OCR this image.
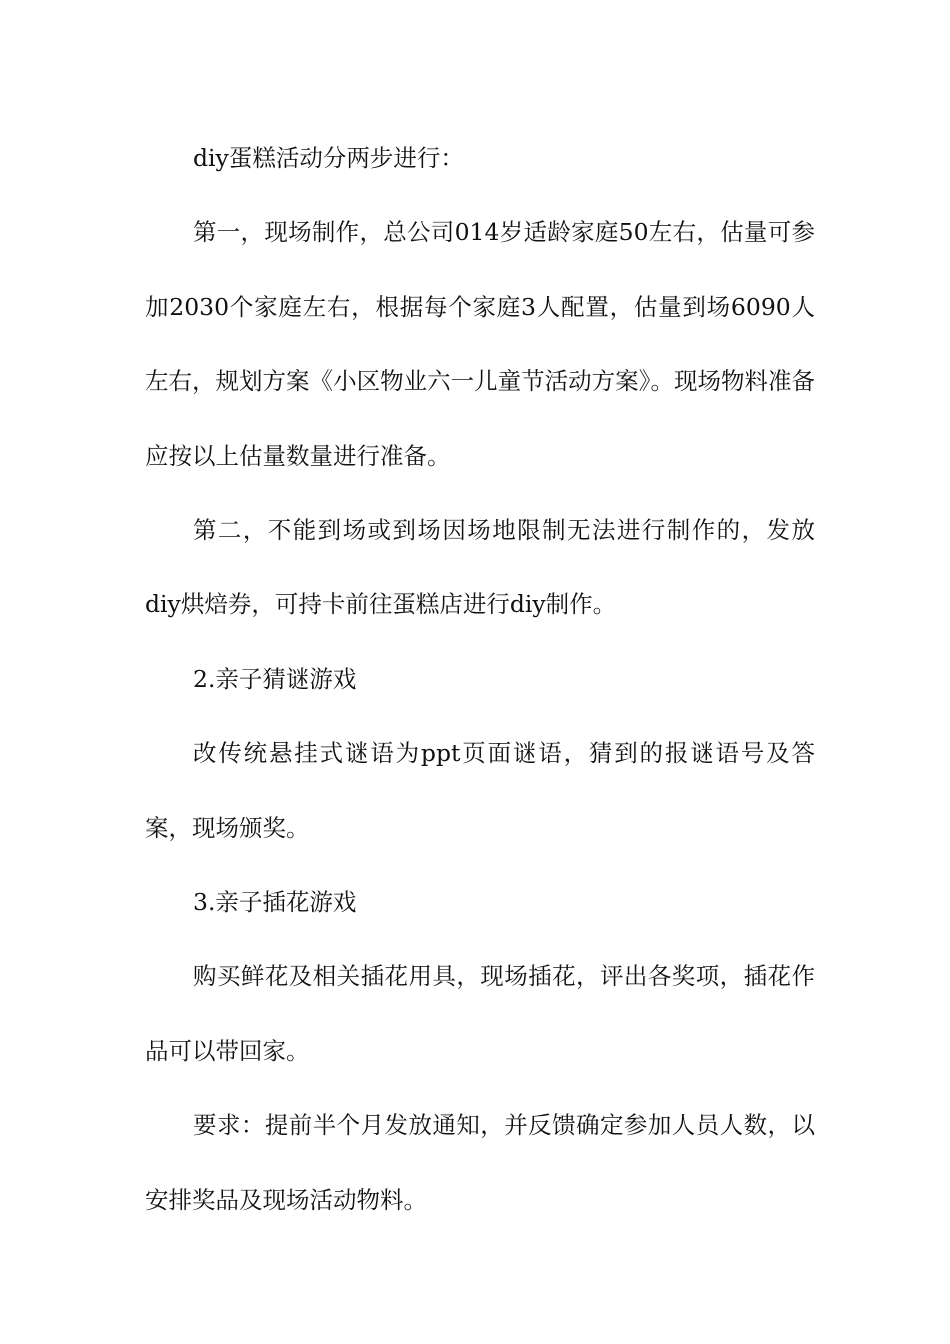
diy蛋糕活动分两步进行：

第一，现场制作，总公司014岁适龄家庭50左右，估量可参加2030个家庭左右，根据每个家庭3人配置，估量到场6090人左右，规划方案《小区物业六一儿童节活动方案》。现场物料准备应按以上估量数量进行准备。

第二，不能到场或到场因场地限制无法进行制作的，发放diy烘焙券，可持卡前往蛋糕店进行diy制作。

2.亲子猜谜游戏

改传统悬挂式谜语为ppt页面谜语，猜到的报谜语号及答案，现场颁奖。

3.亲子插花游戏

购买鲜花及相关插花用具，现场插花，评出各奖项，插花作品可以带回家。

要求：提前半个月发放通知，并反馈确定参加人员人数，以安排奖品及现场活动物料。
